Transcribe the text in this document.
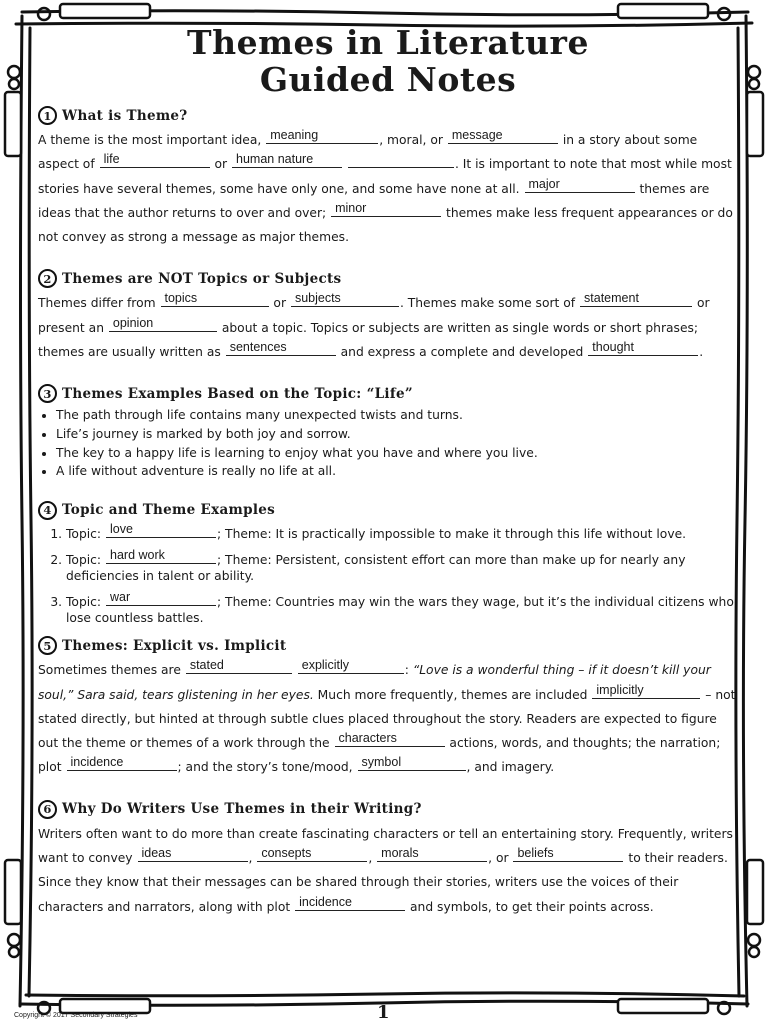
Themes in Literature
Guided Notes
1 What is Theme?

A theme is the most important idea, meaning	, moral, or message	in a story about some aspect of life	or human nature	. It is important to note that most while most stories have several themes, some have only one, and some have none at all. major	themes are ideas that the author returns to over and over; minor	themes make less frequent appearances or do not convey as strong a message as major themes.

2 Themes are NOT Topics or Subjects

Themes differ from topics	or subjects	. Themes make some sort of statement	or present an opinion	about a topic. Topics or subjects are written as single words or short phrases; themes are usually written as sentences	and express a complete and developed thought	.

3 Themes Examples Based on the Topic: “Life”
• The path through life contains many unexpected twists and turns.
• Life’s journey is marked by both joy and sorrow.
• The key to a happy life is learning to enjoy what you have and where you live.
• A life without adventure is really no life at all.
4 Topic and Theme Examples
1. Topic: love	; Theme: It is practically impossible to make it through this life without love.
2. Topic: hard work	; Theme: Persistent, consistent effort can more than make up for nearly any deficiencies in talent or ability.
3. Topic: war	; Theme: Countries may win the wars they wage, but it’s the individual citizens who lose countless battles.
5 Themes: Explicit vs. Implicit

Sometimes themes are stated
	explicitly	: “Love is a wonderful thing – if it doesn’t kill your soul,” Sara said, tears glistening in her eyes. Much more frequently, themes are included implicitly	– not stated directly, but hinted at through subtle clues placed throughout the story. Readers are expected to figure out the theme or themes of a work through the characters	actions, words, and thoughts; the narration; plot incidence	; and the story’s tone/mood, symbol	, and imagery.

6 Why Do Writers Use Themes in their Writing?

Writers often want to do more than create fascinating characters or tell an entertaining story. Frequently, writers want to convey ideas	, consepts	, morals	, or beliefs	to their readers. Since they know that their messages can be shared through their stories, writers use the voices of their characters and narrators, along with plot incidence	and symbols, to get their points across.

Copyright © 2017 Secondary Strategies	1
